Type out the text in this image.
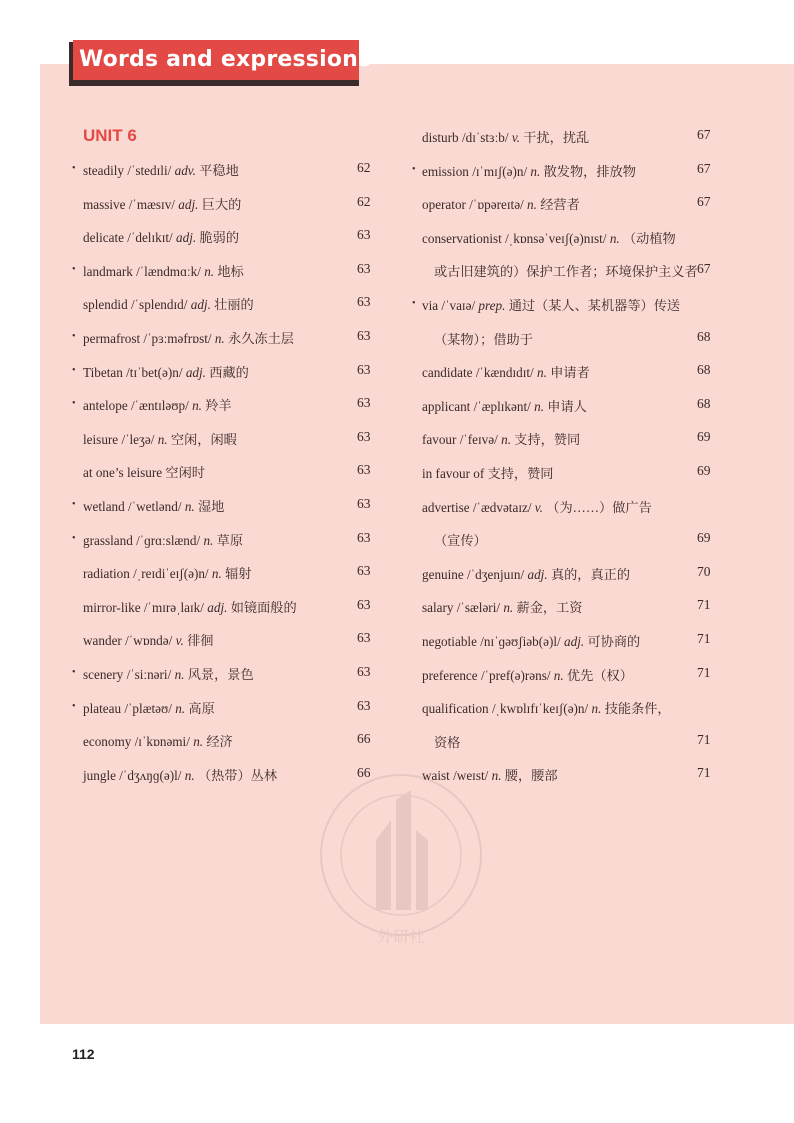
Words and expressions
UNIT 6
外研社
• steadily /ˈstedɪli/ adv. 平稳地	62
massive /ˈmæsɪv/ adj. 巨大的	62
delicate /ˈdelɪkɪt/ adj. 脆弱的	63
• landmark /ˈlændmɑːk/ n. 地标	63
splendid /ˈsplendɪd/ adj. 壮丽的	63
• permafrost /ˈpɜːməfrɒst/ n. 永久冻土层	63
• Tibetan /tɪˈbet(ə)n/ adj. 西藏的	63
• antelope /ˈæntɪləʊp/ n. 羚羊	63
leisure /ˈleʒə/ n. 空闲，闲暇	63
at one’s leisure 空闲时	63
• wetland /ˈwetlənd/ n. 湿地	63
• grassland /ˈɡrɑːslænd/ n. 草原	63
radiation /ˌreɪdiˈeɪʃ(ə)n/ n. 辐射	63
mirror-like /ˈmɪrəˌlaɪk/ adj. 如镜面般的	63
wander /ˈwɒndə/ v. 徘徊	63
• scenery /ˈsiːnəri/ n. 风景，景色	63
• plateau /ˈplætəʊ/ n. 高原	63
economy /ɪˈkɒnəmi/ n. 经济	66
jungle /ˈdʒʌŋɡ(ə)l/ n. （热带）丛林	66
disturb /dɪˈstɜːb/ v. 干扰，扰乱	67
• emission /ɪˈmɪʃ(ə)n/ n. 散发物，排放物	67
operator /ˈɒpəreɪtə/ n. 经营者	67
conservationist /ˌkɒnsəˈveɪʃ(ə)nɪst/ n. （动植物
或古旧建筑的）保护工作者；环境保护主义者 67
• via /ˈvaɪə/ prep. 通过（某人、某机器等）传送
（某物）；借助于	68
candidate /ˈkændɪdɪt/ n. 申请者	68
applicant /ˈæplɪkənt/ n. 申请人	68
favour /ˈfeɪvə/ n. 支持，赞同	69
in favour of 支持，赞同	69
advertise /ˈædvətaɪz/ v. （为……）做广告
（宣传）	69
genuine /ˈdʒenjuɪn/ adj. 真的，真正的	70
salary /ˈsæləri/ n. 薪金，工资	71
negotiable /nɪˈɡəʊʃiəb(ə)l/ adj. 可协商的	71
preference /ˈpref(ə)rəns/ n. 优先（权）	71
qualification /ˌkwɒlɪfɪˈkeɪʃ(ə)n/ n. 技能条件，
资格	71
waist /weɪst/ n. 腰，腰部	71
112
